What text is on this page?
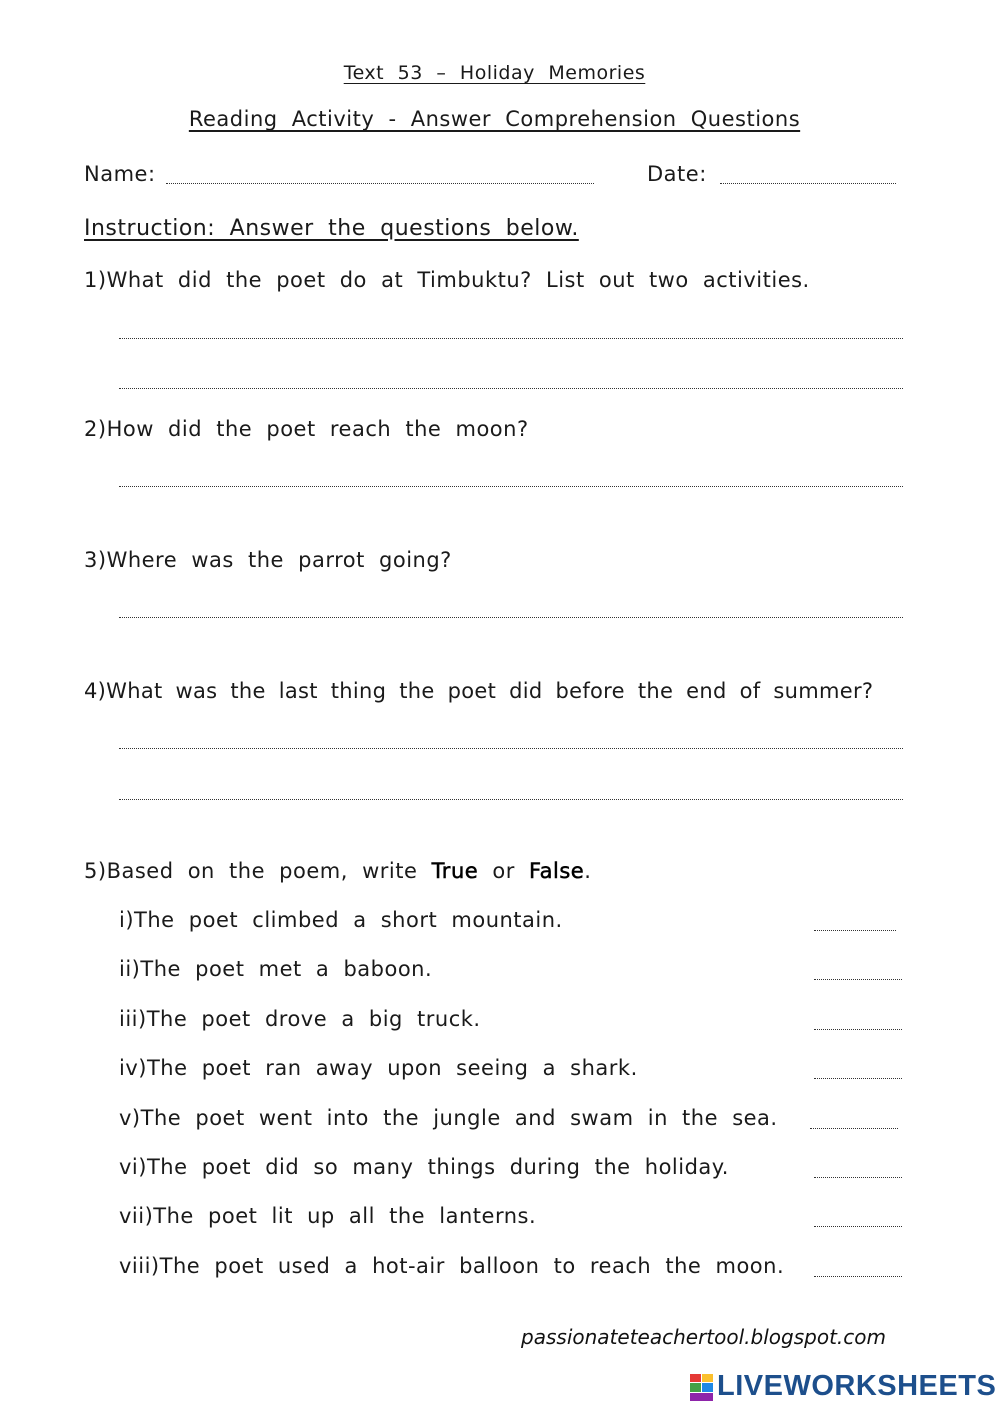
Text 53 – Holiday Memories
Reading Activity - Answer Comprehension Questions
Name:	Date:
Instruction: Answer the questions below.
1)What did the poet do at Timbuktu? List out two activities.
2)How did the poet reach the moon?
3)Where was the parrot going?
4)What was the last thing the poet did before the end of summer?
5)Based on the poem, write True or False.
i)The poet climbed a short mountain.
ii)The poet met a baboon.
iii)The poet drove a big truck.
iv)The poet ran away upon seeing a shark.
v)The poet went into the jungle and swam in the sea.
vi)The poet did so many things during the holiday.
vii)The poet lit up all the lanterns.
viii)The poet used a hot-air balloon to reach the moon.
passionateteachertool.blogspot.com
LIVEWORKSHEETS
